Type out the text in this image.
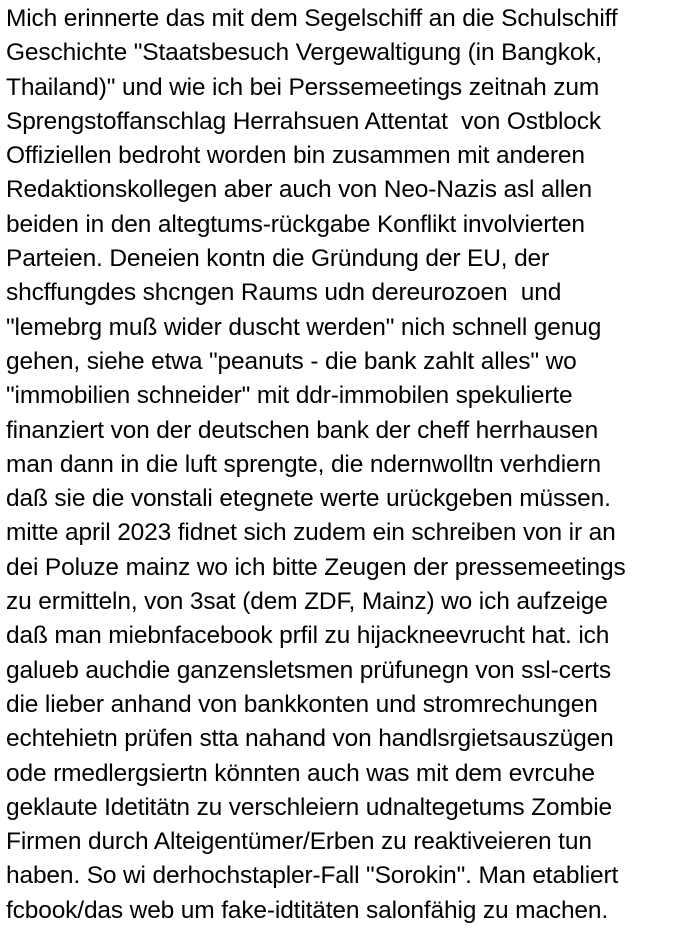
Mich erinnerte das mit dem Segelschiff an die Schulschiff
Geschichte "Staatsbesuch Vergewaltigung (in Bangkok,
Thailand)" und wie ich bei Perssemeetings zeitnah zum
Sprengstoffanschlag Herrahsuen Attentat  von Ostblock
Offiziellen bedroht worden bin zusammen mit anderen
Redaktionskollegen aber auch von Neo-Nazis asl allen
beiden in den altegtums-rückgabe Konflikt involvierten
Parteien. Deneien kontn die Gründung der EU, der
shcffungdes shcngen Raums udn dereurozoen  und
"lemebrg muß wider duscht werden" nich schnell genug
gehen, siehe etwa "peanuts - die bank zahlt alles" wo
"immobilien schneider" mit ddr-immobilen spekulierte
finanziert von der deutschen bank der cheff herrhausen
man dann in die luft sprengte, die ndernwolltn verhdiern
daß sie die vonstali etegnete werte urückgeben müssen.
mitte april 2023 fidnet sich zudem ein schreiben von ir an
dei Poluze mainz wo ich bitte Zeugen der pressemeetings
zu ermitteln, von 3sat (dem ZDF, Mainz) wo ich aufzeige
daß man miebnfacebook prfil zu hijackneevrucht hat. ich
galueb auchdie ganzensletsmen prüfunegn von ssl-certs
die lieber anhand von bankkonten und stromrechungen
echtehietn prüfen stta nahand von handlsrgietsauszügen
ode rmedlergsiertn könnten auch was mit dem evrcuhe
geklaute Idetitätn zu verschleiern udnaltegetums Zombie
Firmen durch Alteigentümer/Erben zu reaktiveieren tun
haben. So wi derhochstapler-Fall "Sorokin". Man etabliert
fcbook/das web um fake-idtitäten salonfähig zu machen.
